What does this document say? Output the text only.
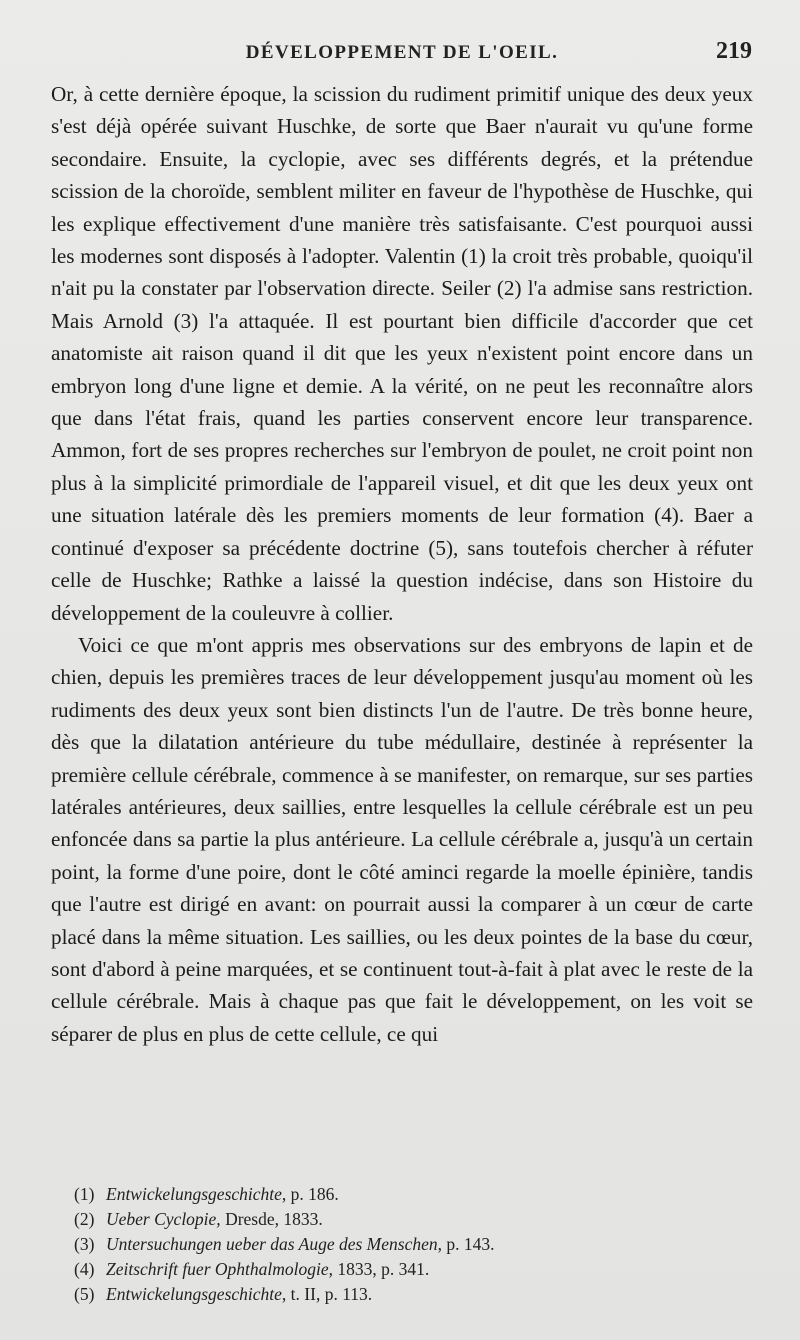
DÉVELOPPEMENT DE L'OEIL.	219

Or, à cette dernière époque, la scission du rudiment primitif unique des deux yeux s'est déjà opérée suivant Huschke, de sorte que Baer n'aurait vu qu'une forme secondaire. Ensuite, la cyclopie, avec ses différents degrés, et la prétendue scission de la choroïde, semblent militer en faveur de l'hypothèse de Huschke, qui les explique effectivement d'une manière très satisfaisante. C'est pourquoi aussi les modernes sont disposés à l'adopter. Valentin (1) la croit très probable, quoiqu'il n'ait pu la constater par l'observation directe. Seiler (2) l'a admise sans restriction. Mais Arnold (3) l'a attaquée. Il est pourtant bien difficile d'accorder que cet anatomiste ait raison quand il dit que les yeux n'existent point encore dans un embryon long d'une ligne et demie. A la vérité, on ne peut les reconnaître alors que dans l'état frais, quand les parties conservent encore leur transparence. Ammon, fort de ses propres recherches sur l'embryon de poulet, ne croit point non plus à la simplicité primordiale de l'appareil visuel, et dit que les deux yeux ont une situation latérale dès les premiers moments de leur formation (4). Baer a continué d'exposer sa précédente doctrine (5), sans toutefois chercher à réfuter celle de Huschke; Rathke a laissé la question indécise, dans son Histoire du développement de la couleuvre à collier.

Voici ce que m'ont appris mes observations sur des embryons de lapin et de chien, depuis les premières traces de leur développement jusqu'au moment où les rudiments des deux yeux sont bien distincts l'un de l'autre. De très bonne heure, dès que la dilatation antérieure du tube médullaire, destinée à représenter la première cellule cérébrale, commence à se manifester, on remarque, sur ses parties latérales antérieures, deux saillies, entre lesquelles la cellule cérébrale est un peu enfoncée dans sa partie la plus antérieure. La cellule cérébrale a, jusqu'à un certain point, la forme d'une poire, dont le côté aminci regarde la moelle épinière, tandis que l'autre est dirigé en avant: on pourrait aussi la comparer à un cœur de carte placé dans la même situation. Les saillies, ou les deux pointes de la base du cœur, sont d'abord à peine marquées, et se continuent tout-à-fait à plat avec le reste de la cellule cérébrale. Mais à chaque pas que fait le développement, on les voit se séparer de plus en plus de cette cellule, ce qui

(1) Entwickelungsgeschichte, p. 186.
(2) Ueber Cyclopie, Dresde, 1833.
(3) Untersuchungen ueber das Auge des Menschen, p. 143.
(4) Zeitschrift fuer Ophthalmologie, 1833, p. 341.
(5) Entwickelungsgeschichte, t. II, p. 113.
